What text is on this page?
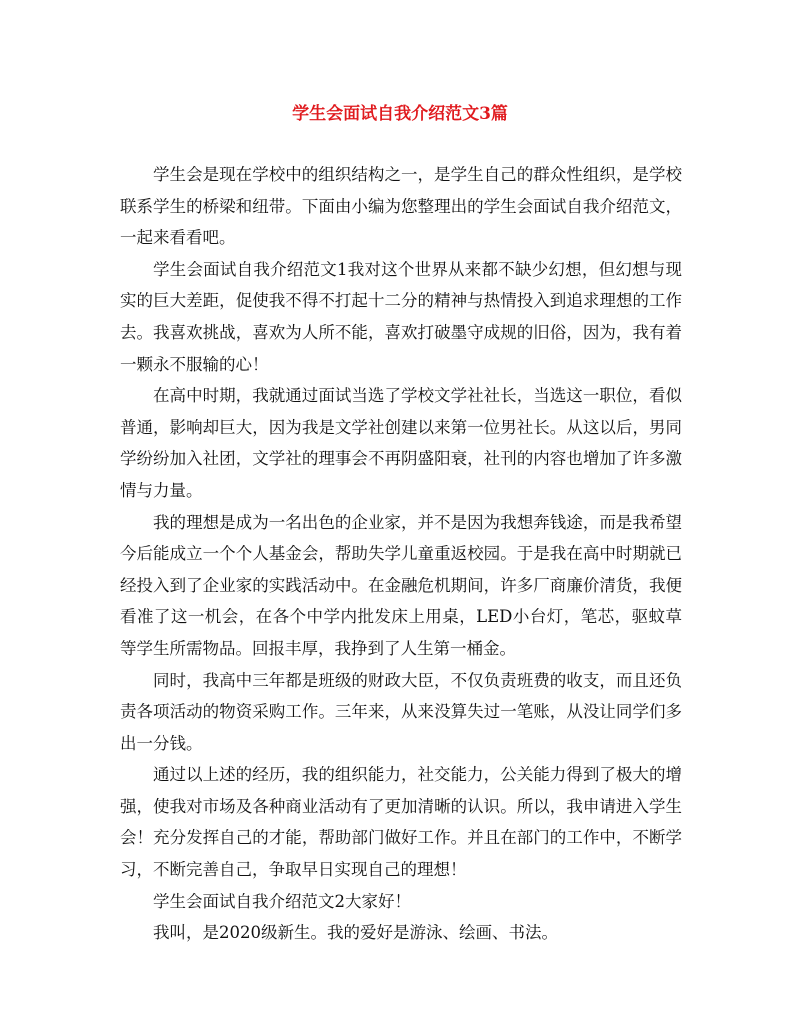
学生会面试自我介绍范文3篇

学生会是现在学校中的组织结构之一，是学生自己的群众性组织，是学校联系学生的桥梁和纽带。下面由小编为您整理出的学生会面试自我介绍范文，一起来看看吧。

学生会面试自我介绍范文1我对这个世界从来都不缺少幻想，但幻想与现实的巨大差距，促使我不得不打起十二分的精神与热情投入到追求理想的工作去。我喜欢挑战，喜欢为人所不能，喜欢打破墨守成规的旧俗，因为，我有着一颗永不服输的心！

在高中时期，我就通过面试当选了学校文学社社长，当选这一职位，看似普通，影响却巨大，因为我是文学社创建以来第一位男社长。从这以后，男同学纷纷加入社团，文学社的理事会不再阴盛阳衰，社刊的内容也增加了许多激情与力量。

我的理想是成为一名出色的企业家，并不是因为我想奔钱途，而是我希望今后能成立一个个人基金会，帮助失学儿童重返校园。于是我在高中时期就已经投入到了企业家的实践活动中。在金融危机期间，许多厂商廉价清货，我便看准了这一机会，在各个中学内批发床上用桌，LED小台灯，笔芯，驱蚊草等学生所需物品。回报丰厚，我挣到了人生第一桶金。

同时，我高中三年都是班级的财政大臣，不仅负责班费的收支，而且还负责各项活动的物资采购工作。三年来，从来没算失过一笔账，从没让同学们多出一分钱。

通过以上述的经历，我的组织能力，社交能力，公关能力得到了极大的增强，使我对市场及各种商业活动有了更加清晰的认识。所以，我申请进入学生会！充分发挥自己的才能，帮助部门做好工作。并且在部门的工作中，不断学习，不断完善自己，争取早日实现自己的理想！

学生会面试自我介绍范文2大家好！

我叫，是2020级新生。我的爱好是游泳、绘画、书法。
